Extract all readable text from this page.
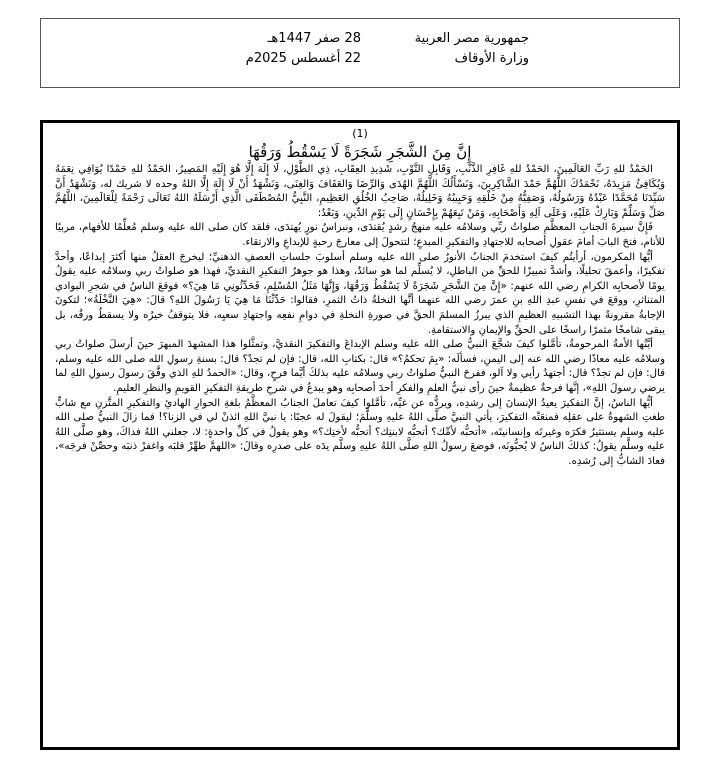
جمهورية مصر العربية
وزارة الأوقاف
28 صفر 1447هـ
22 أغسطس 2025م
(1)
إِنَّ مِنَ الشَّجَرِ شَجَرَةً لَا يَسْقُطُ وَرَقُهَا

الحَمْدُ للهِ رَبِّ العَالَمِينَ، الحَمْدُ للهِ غَافِرِ الذَّنْبِ، وَقَابِلِ التَّوْبِ، شَدِيدِ العِقَابِ، ذِي الطَّوْلِ، لَا إِلَهَ إِلَّا هُوَ إِلَيْهِ المَصِيرُ، الحَمْدُ للهِ حَمْدًا يُوَافِي نِعَمَهُ وَيُكَافِئُ مَزِيدَهُ، نَحْمَدُكَ اللَّهُمَّ حَمْدَ الشَّاكِرِينَ، وَنَسْأَلُكَ اللَّهُمَّ الهُدَى وَالرِّضَا وَالعَفَافَ وَالغِنَى، وَنَشْهَدُ أَنْ لَا إِلَهَ إِلَّا اللهُ وحده لا شريك له، وَنَشْهَدُ أَنَّ سَيِّدَنَا مُحَمَّدًا عَبْدُهُ وَرَسُولُهُ، وَصَفِيُّهُ مِنْ خَلْقِهِ وَحَبِيبُهُ وَخَلِيلُهُ، صَاحِبُ الخُلُقِ العَظِيمِ، النَّبِيُّ المُصْطَفَى الَّذِي أَرْسَلَهُ اللهُ تَعَالَى رَحْمَةً لِلْعَالَمِينَ، اللَّهُمَّ صَلِّ وَسَلِّمْ وَبَارِكْ عَلَيْهِ، وَعَلَى آلِهِ وَأَصْحَابِهِ، وَمَنْ تَبِعَهُمْ بِإِحْسَانٍ إِلَى يَوْمِ الدِّينِ، وَبَعْدُ:

فَإِنَّ سيرةَ الجنابِ المعظَّمِ صلواتُ ربِّي وسلامُه عليه منهجُ رشدٍ يُقتدَى، ونبراسُ نورٍ يُهتدَى، فلقد كان صلى الله عليه وسلم مُعلِّمًا للأفهام، مربيًا للأنام، فتحَ البابَ أمامَ عقولِ أصحابه للاجتهادِ والتفكيرِ المبدعِ؛ لتتحولَ إلى معارجَ رحبةٍ للإبداعِ والارتقاء.

أيُّها المكرمون، أرأيتُم كيفَ استخدمَ الجنابُ الأنورُ صلى الله عليه وسلم أسلوبَ جلساتِ العصفِ الذهنيِّ؛ ليخرجَ العقلُ منها أكثرَ إبداعًا، وأحدَّ تفكيرًا، وأعمقَ تحليلًا، وأشدَّ تمييزًا للحقِّ من الباطلِ، لا يُسلِّم لما هو سائدٌ، وهذا هو جوهرُ التفكيرِ النقديِّ، فهذا هو صلواتُ ربي وسلامُه عليه يقولُ يومًا لأصحابِه الكرامِ رضي الله عنهم: «إِنَّ مِنَ الشَّجَرِ شَجَرَةً لَا يَسْقُطُ وَرَقُهَا، وَإِنَّهَا مَثَلُ المُسْلِمِ، فَحَدِّثُونِي مَا هِيَ؟» فوقعَ الناسُ في شجرِ البوادي المتناثرِ، ووقعَ في نفسِ عبدِ اللهِ بنِ عمرَ رضي الله عنهما أنَّها النخلةُ ذاتُ الثمرِ، فقالوا: حَدِّثْنَا مَا هِيَ يَا رَسُولَ اللهِ؟ قالَ: «هِيَ النَّخْلَةُ»؛ لتكونَ الإجابةُ مقرونةً بهذا التشبيهِ العظيمِ الذي يبرزُ المسلمَ الحقَّ في صورةِ النخلةِ في دوامِ نفعِه واجتهادِ سعيِه، فلا يتوقفُ خيرُه ولا يسقطُ ورقُه، بل يبقى شامخًا مثمرًا راسخًا على الحقِّ والإيمانِ والاستقامةِ.

أيَّتُها الأمةُ المرحومةُ، تأمَّلوا كيفَ شجَّعَ النبيُّ صلى الله عليه وسلم الإبداعَ والتفكيرَ النقديَّ، وتمثَّلوا هذا المشهدَ المبهرَ حينَ أرسلَ صلواتُ ربي وسلامُه عليه معاذًا رضي الله عنه إلى اليمنِ، فسألَه: «بِمَ تحكمُ؟» قال: بكتابِ الله، قال: فإن لم تجدْ؟ قال: بسنةِ رسولِ الله صلى الله عليه وسلم، قال: فإن لم تجدْ؟ قال: أجتهدُ رأيي ولا آلو، ففرحَ النبيُّ صلواتُ ربي وسلامُه عليه بذلكَ أيَّما فرحٍ، وقال: «الحمدُ للهِ الذي وفَّقَ رسولَ رسولِ اللهِ لما يرضي رسولَ اللهِ»، إنَّها فرحةٌ عظيمةٌ حينَ رأى نبيُّ العلمِ والفكرِ أحدَ أصحابِه وهو يبدعُ في شرحِ طريقةِ التفكيرِ القويمِ والنظرِ العليمِ.

أيُّها الناسُ، إنَّ التفكيرَ يعيدُ الإنسانَ إلى رشدِه، ويردُّه عن غيِّه، تأمَّلوا كيفَ تعاملَ الجنابُ المعظَّمُ بلغةِ الحوارِ الهادئِ والتفكيرِ المتَّزنِ مع شابٍّ طغتِ الشهوةُ على عقلِه فمنعَتْه التفكيرَ، يأتي النبيَّ صلَّى اللهُ عليهِ وسلَّمَ؛ ليقولَ له عجبًا: يا نبيَّ اللهِ ائذنْ لي في الزنا؟! فما زالَ النبيُّ صلى الله عليه وسلم يستثيرُ فكرَه وغيرتَه وإنسانيتَه، «أتحبُّه لأمِّك؟ أتحبُّه لابنتِك؟ أتحبُّه لأختِك؟» وهو يقولُ في كلِّ واحدةٍ: لا، جعلني اللهُ فداكَ، وهو صلَّى اللهُ عليه وسلَّم يقولُ: كذلكَ الناسُ لا يُحبُّونَه، فوضعَ رسولُ اللهِ صلَّى اللهُ عليهِ وسلَّم يدَه على صدرِه وقالَ: «اللهمَّ طهِّرْ قلبَه واغفرْ ذنبَه وحصِّنْ فرجَه»، فعادَ الشابُّ إلى رُشدِه.
